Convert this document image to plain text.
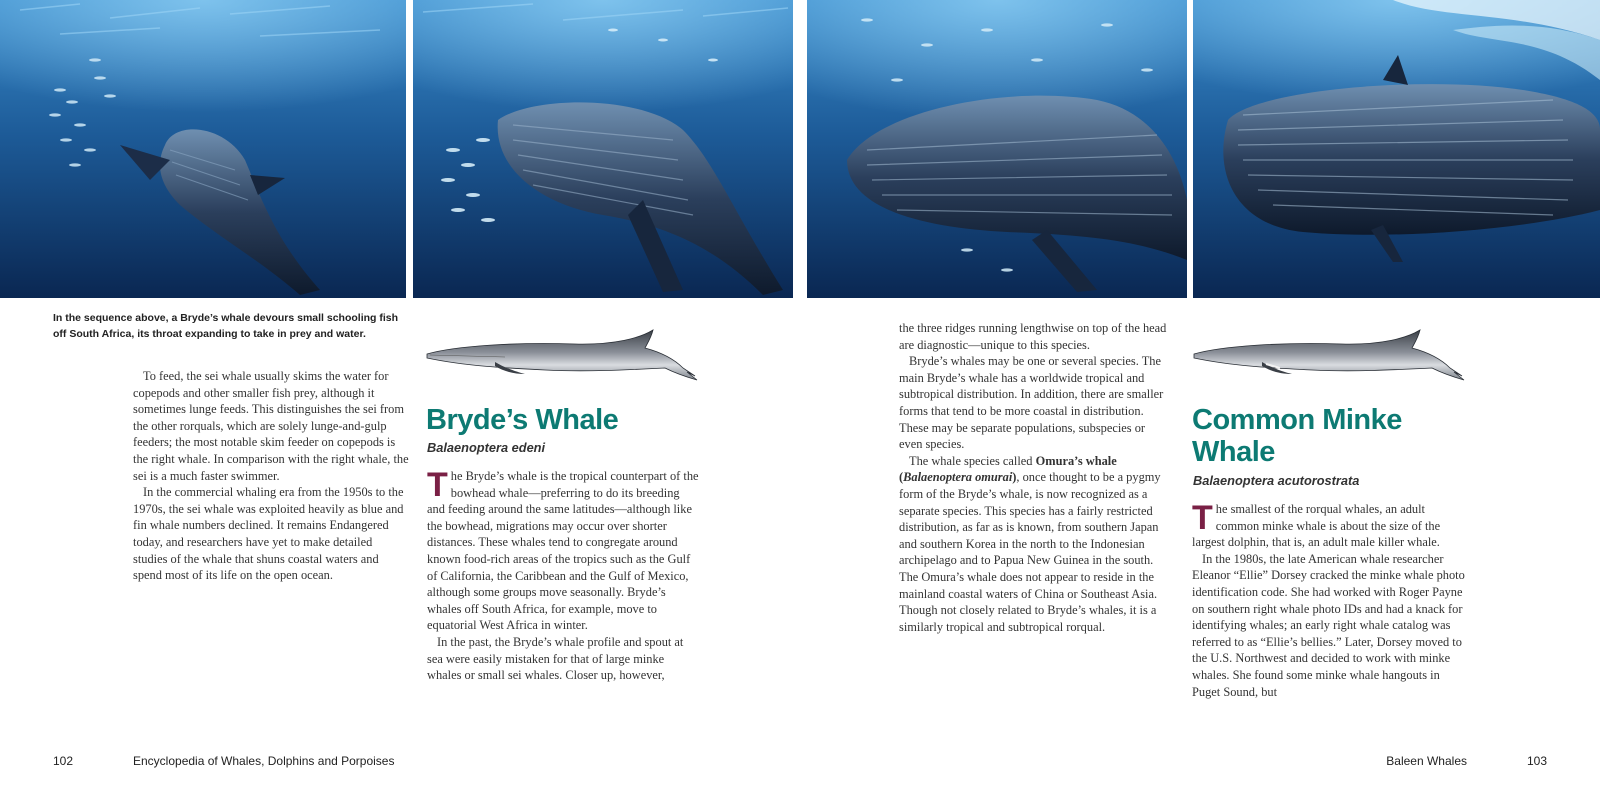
In the sequence above, a Bryde’s whale devours small schooling fish off South Africa, its throat expanding to take in prey and water.

To feed, the sei whale usually skims the water for copepods and other smaller fish prey, although it sometimes lunge feeds. This distinguishes the sei from the other rorquals, which are solely lunge-and-gulp feeders; the most notable skim feeder on copepods is the right whale. In comparison with the right whale, the sei is a much faster swimmer.

In the commercial whaling era from the 1950s to the 1970s, the sei whale was exploited heavily as blue and fin whale numbers declined. It remains Endangered today, and researchers have yet to make detailed studies of the whale that shuns coastal waters and spend most of its life on the open ocean.

Bryde’s Whale
Balaenoptera edeni

The Bryde’s whale is the tropical counterpart of the bowhead whale—preferring to do its breeding and feeding around the same latitudes—although like the bowhead, migrations may occur over shorter distances. These whales tend to congregate around known food-rich areas of the tropics such as the Gulf of California, the Caribbean and the Gulf of Mexico, although some groups move seasonally. Bryde’s whales off South Africa, for example, move to equatorial West Africa in winter.

In the past, the Bryde’s whale profile and spout at sea were easily mistaken for that of large minke whales or small sei whales. Closer up, however,

the three ridges running lengthwise on top of the head are diagnostic—unique to this species.

Bryde’s whales may be one or several species. The main Bryde’s whale has a worldwide tropical and subtropical distribution. In addition, there are smaller forms that tend to be more coastal in distribution. These may be separate populations, subspecies or even species.

The whale species called Omura’s whale
(Balaenoptera omurai), once thought to be a pygmy form of the Bryde’s whale, is now recognized as a separate species. This species has a fairly restricted distribution, as far as is known, from southern Japan and southern Korea in the north to the Indonesian archipelago and to Papua New Guinea in the south. The Omura’s whale does not appear to reside in the mainland coastal waters of China or Southeast Asia. Though not closely related to Bryde’s whales, it is a similarly tropical and subtropical rorqual.

Common Minke Whale
Balaenoptera acutorostrata

The smallest of the rorqual whales, an adult common minke whale is about the size of the largest dolphin, that is, an adult male killer whale.

In the 1980s, the late American whale researcher Eleanor “Ellie” Dorsey cracked the minke whale photo identification code. She had worked with Roger Payne on southern right whale photo IDs and had a knack for identifying whales; an early right whale catalog was referred to as “Ellie’s bellies.” Later, Dorsey moved to the U.S. Northwest and decided to work with minke whales. She found some minke whale hangouts in Puget Sound, but

102	Encyclopedia of Whales, Dolphins and Porpoises	Baleen Whales	103
